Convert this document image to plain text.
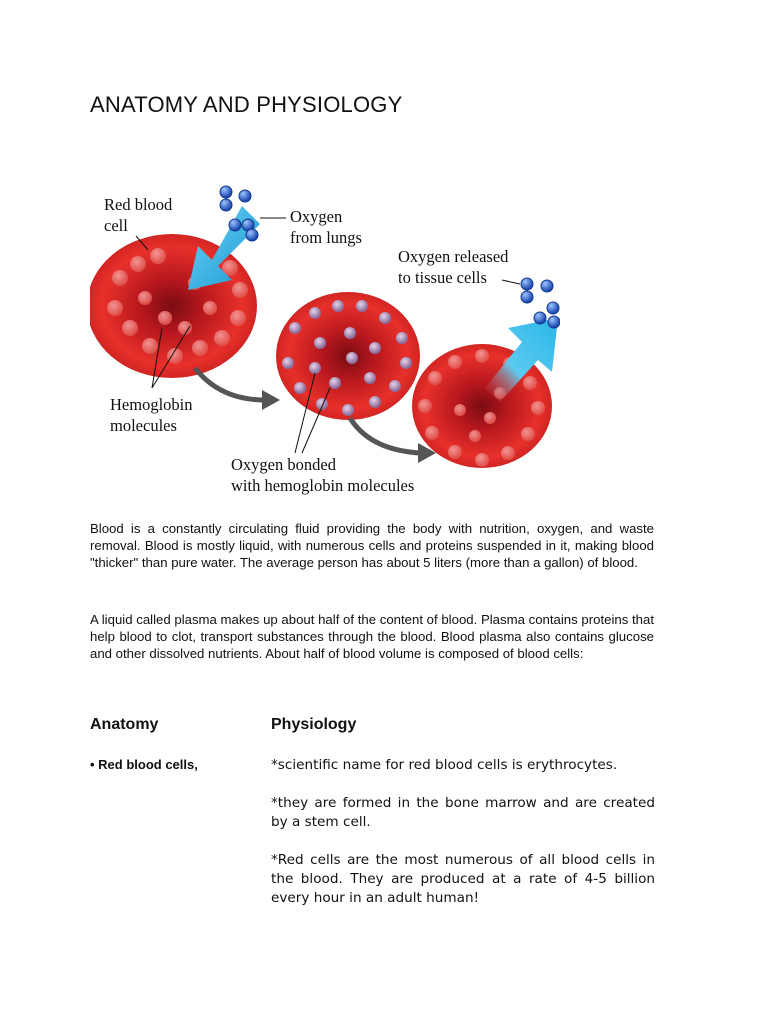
ANATOMY AND PHYSIOLOGY
Red blood
cell	Oxygen
from lungs
Oxygen released
to tissue cells
Hemoglobin
molecules
Oxygen bonded
with hemoglobin molecules

Blood is a constantly circulating fluid providing the body with nutrition, oxygen, and waste removal. Blood is mostly liquid, with numerous cells and proteins suspended in it, making blood "thicker" than pure water. The average person has about 5 liters (more than a gallon) of blood.

A liquid called plasma makes up about half of the content of blood. Plasma contains proteins that help blood to clot, transport substances through the blood. Blood plasma also contains glucose and other dissolved nutrients. About half of blood volume is composed of blood cells:

Anatomy	Physiology
• Red blood cells,	*scientific name for red blood cells is erythrocytes.

*they are formed in the bone marrow and are created by a stem cell.

*Red cells are the most numerous of all blood cells in the blood. They are produced at a rate of 4-5 billion every hour in an adult human!
